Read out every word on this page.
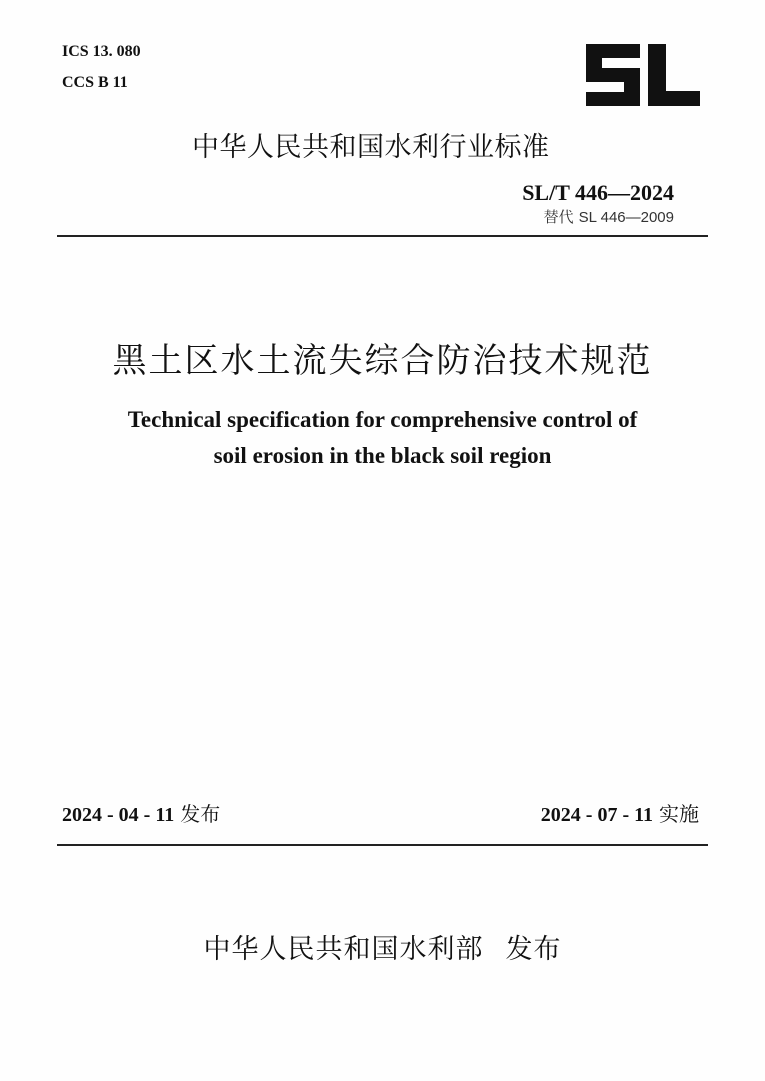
ICS 13. 080
CCS B 11
中华人民共和国水利行业标准
SL/T 446—2024
替代 SL 446—2009
黑土区水土流失综合防治技术规范
Technical specification for comprehensive control of
soil erosion in the black soil region
2024 - 04 - 11 发布	2024 - 07 - 11 实施
中华人民共和国水利部 发布
